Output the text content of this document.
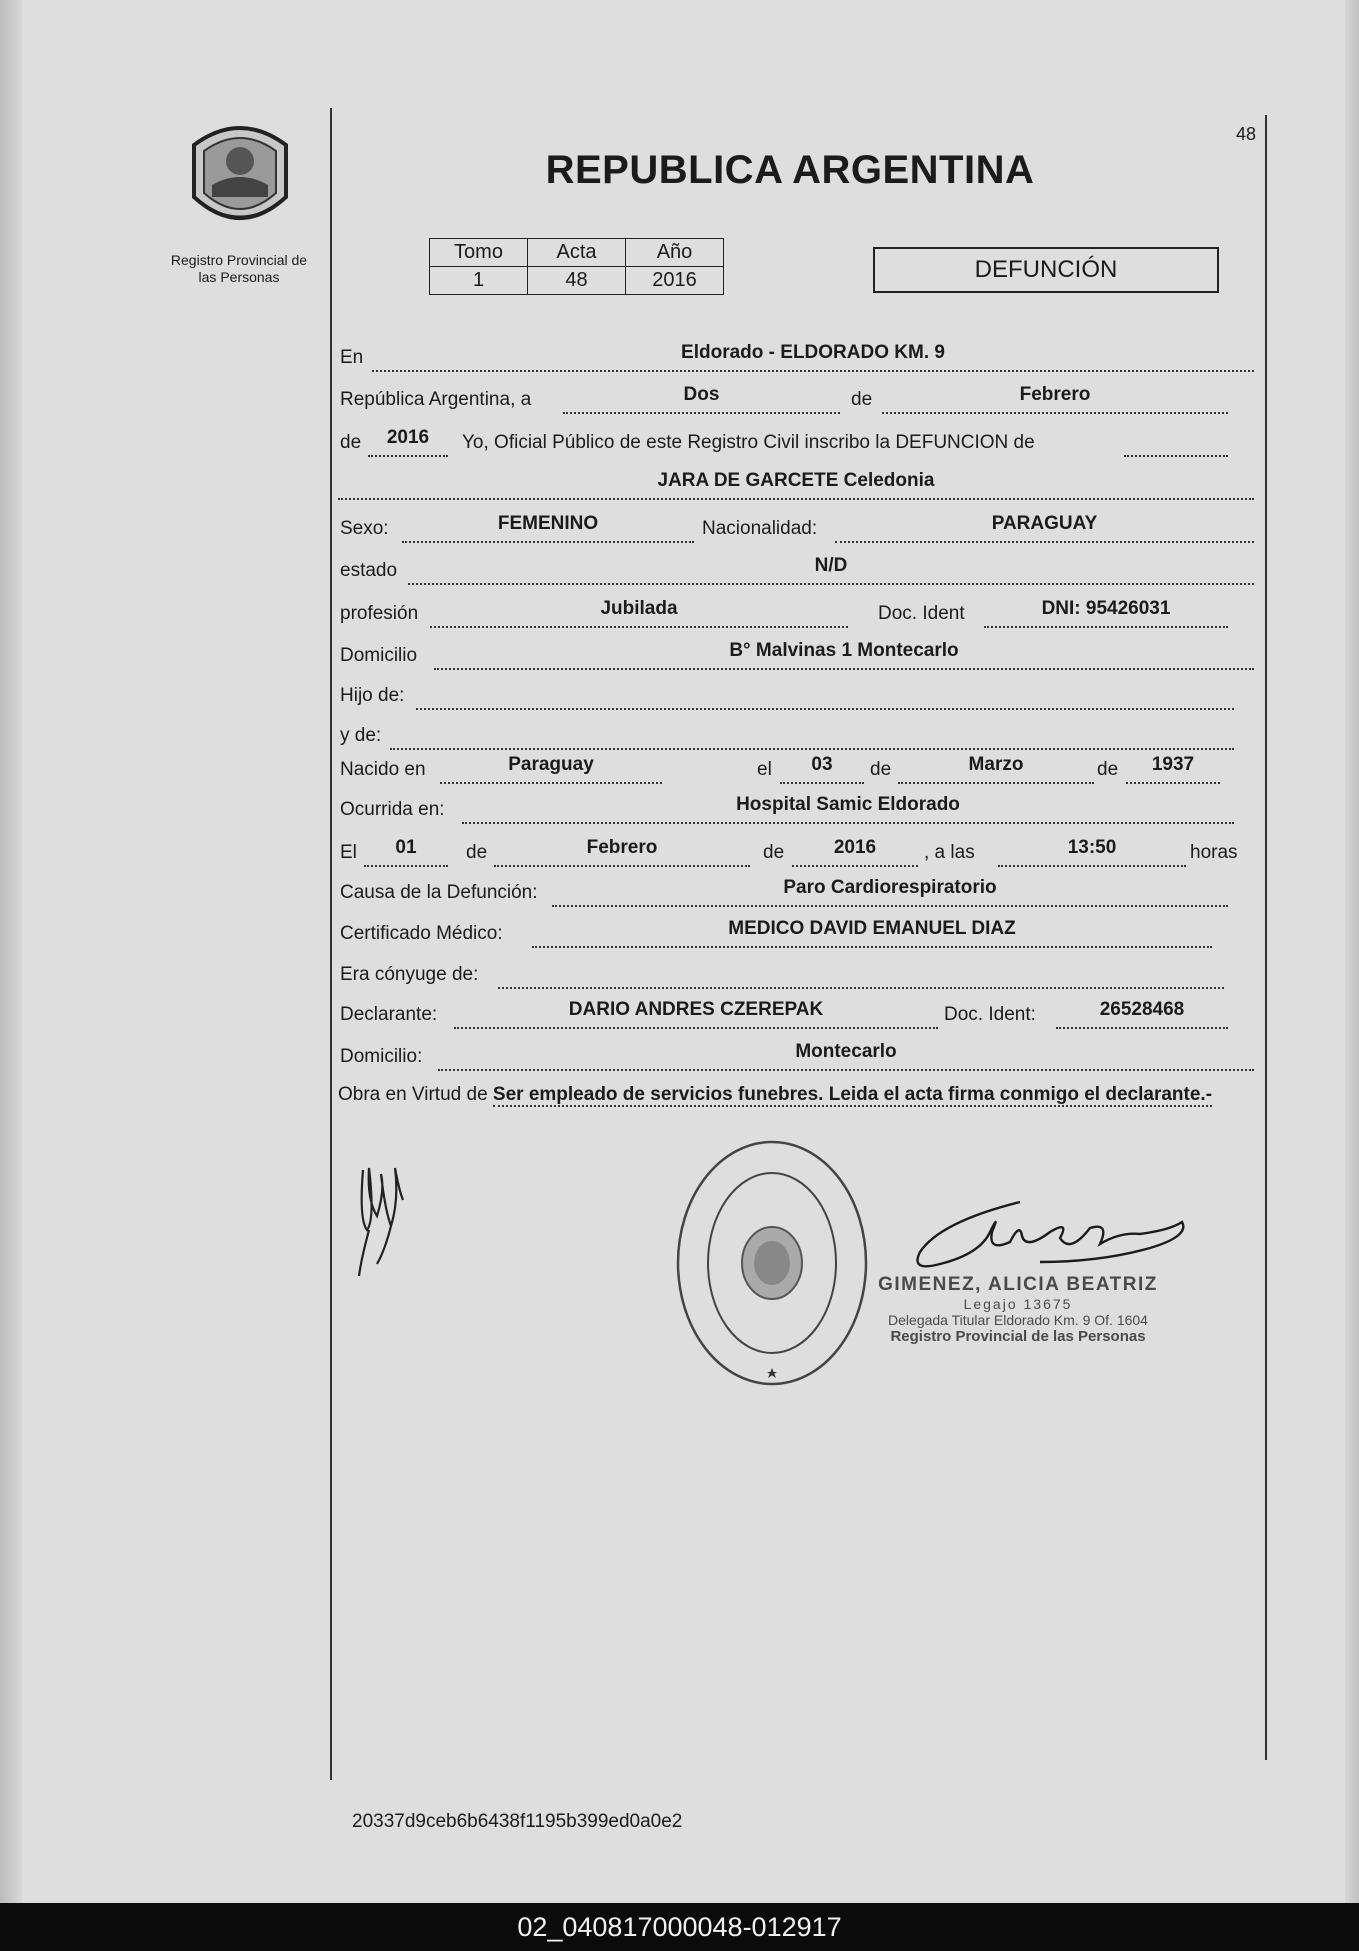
48
Registro Provincial de
las Personas
REPUBLICA ARGENTINA
Tomo	Acta	Año
1	48	2016	DEFUNCIÓN
En	Eldorado - ELDORADO KM. 9
República Argentina, a	Dos	de	Febrero
de	2016	Yo, Oficial Público de este Registro Civil inscribo la DEFUNCION de
JARA DE GARCETE Celedonia
Sexo:	FEMENINO	Nacionalidad:	PARAGUAY
estado	N/D
profesión	Jubilada	Doc. Ident	DNI: 95426031
Domicilio	B° Malvinas 1 Montecarlo
Hijo de:
y de:
Nacido en	Paraguay	el	03	de	Marzo	de	1937
Ocurrida en:	Hospital Samic Eldorado
El	01	de	Febrero	de	2016	, a las	13:50	horas
Causa de la Defunción:	Paro Cardiorespiratorio
Certificado Médico:	MEDICO DAVID EMANUEL DIAZ
Era cónyuge de:
Declarante:	DARIO ANDRES CZEREPAK	Doc. Ident:	26528468
Domicilio:	Montecarlo
Obra en Virtud de Ser empleado de servicios funebres. Leida el acta firma conmigo el declarante.-
GIMENEZ, ALICIA BEATRIZ
Legajo 13675
Delegada Titular Eldorado Km. 9 Of. 1604
Registro Provincial de las Personas
20337d9ceb6b6438f1195b399ed0a0e2
02_040817000048-012917
